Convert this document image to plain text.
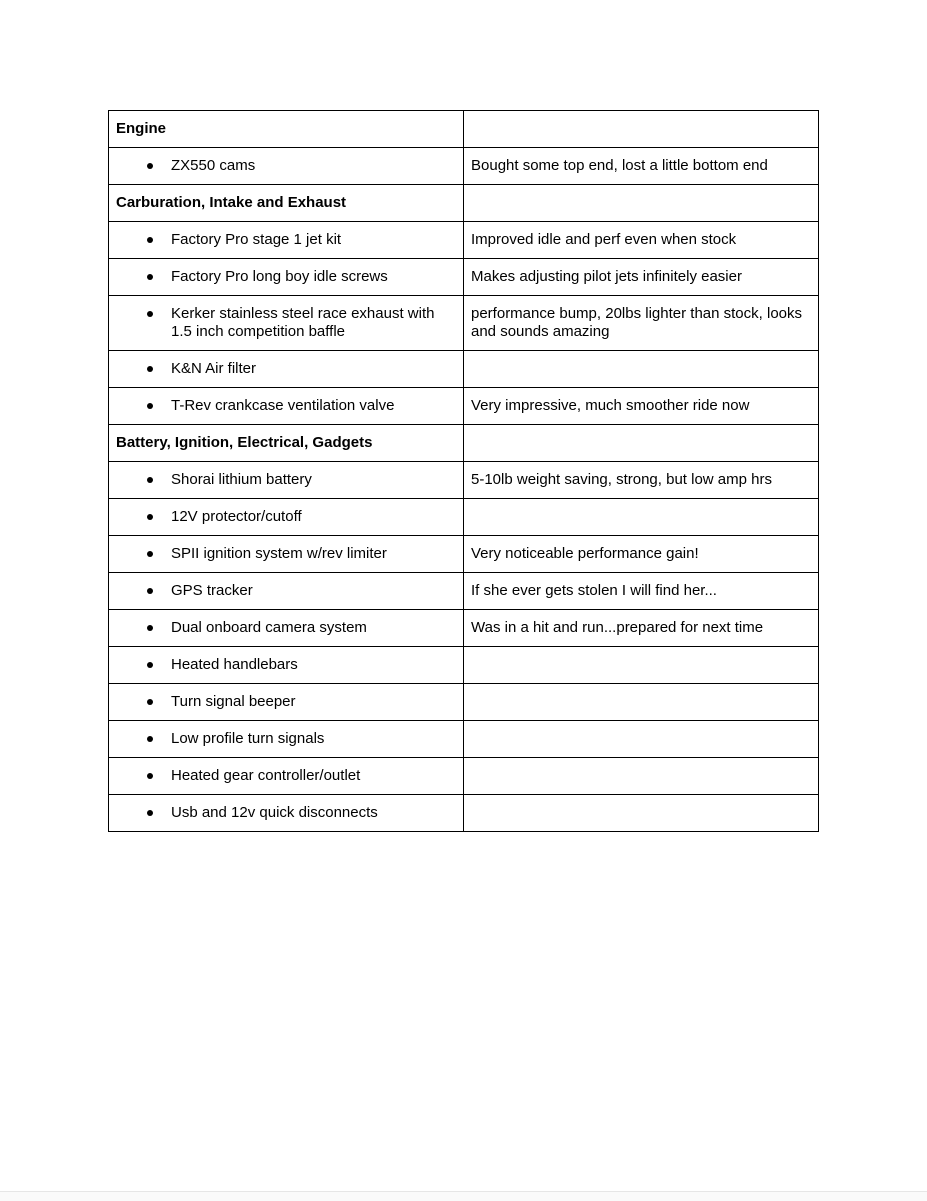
Engine	

ZX550 cams	Bought some top end, lost a little bottom end

Carburation, Intake and Exhaust	

Factory Pro stage 1 jet kit	Improved idle and perf even when stock

Factory Pro long boy idle screws	Makes adjusting pilot jets infinitely easier

Kerker stainless steel race exhaust with 1.5 inch competition baffle	performance bump, 20lbs lighter than stock, looks and sounds amazing

K&N Air filter	

T-Rev crankcase ventilation valve	Very impressive, much smoother ride now

Battery, Ignition, Electrical, Gadgets	

Shorai lithium battery	5-10lb weight saving, strong, but low amp hrs

12V protector/cutoff	

SPII ignition system w/rev limiter	Very noticeable performance gain!

GPS tracker	If she ever gets stolen I will find her...

Dual onboard camera system	Was in a hit and run...prepared for next time

Heated handlebars	

Turn signal beeper	

Low profile turn signals	

Heated gear controller/outlet	

Usb and 12v quick disconnects	
